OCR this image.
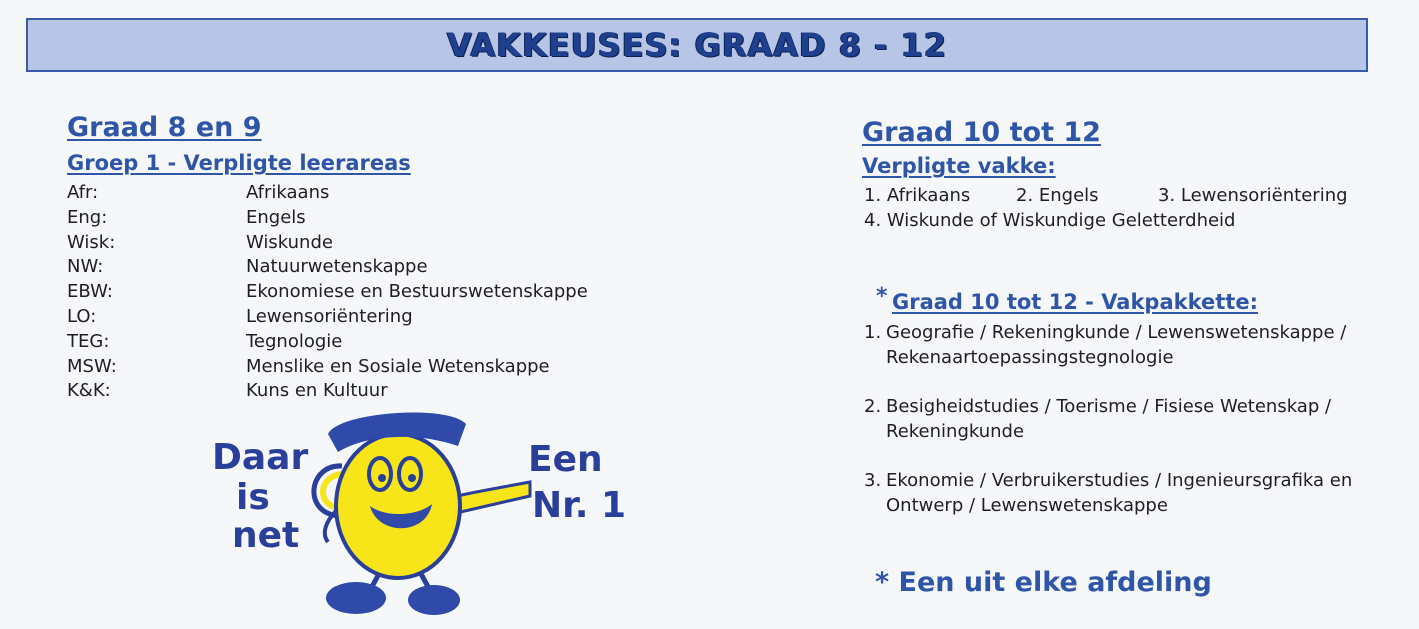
VAKKEUSES: GRAAD 8 - 12
Graad 8 en 9
Groep 1 - Verpligte leerareas
Afr:	Afrikaans
Eng:	Engels
Wisk:	Wiskunde
NW:	Natuurwetenskappe
EBW:	Ekonomiese en Bestuurswetenskappe
LO:	Lewensoriëntering
TEG:	Tegnologie
MSW:	Menslike en Sosiale Wetenskappe
K&K:	Kuns en Kultuur
Daar
is
net
Een
Nr. 1
Graad 10 tot 12
Verpligte vakke:
1. Afrikaans	2. Engels	3. Lewensoriëntering
4. Wiskunde of Wiskundige Geletterdheid
* Graad 10 tot 12 - Vakpakkette:
1. Geografie / Rekeningkunde / Lewenswetenskappe /
Rekenaartoepassingstegnologie
2. Besigheidstudies / Toerisme / Fisiese Wetenskap /
Rekeningkunde
3. Ekonomie / Verbruikerstudies / Ingenieursgrafika en
Ontwerp / Lewenswetenskappe
* Een uit elke afdeling
